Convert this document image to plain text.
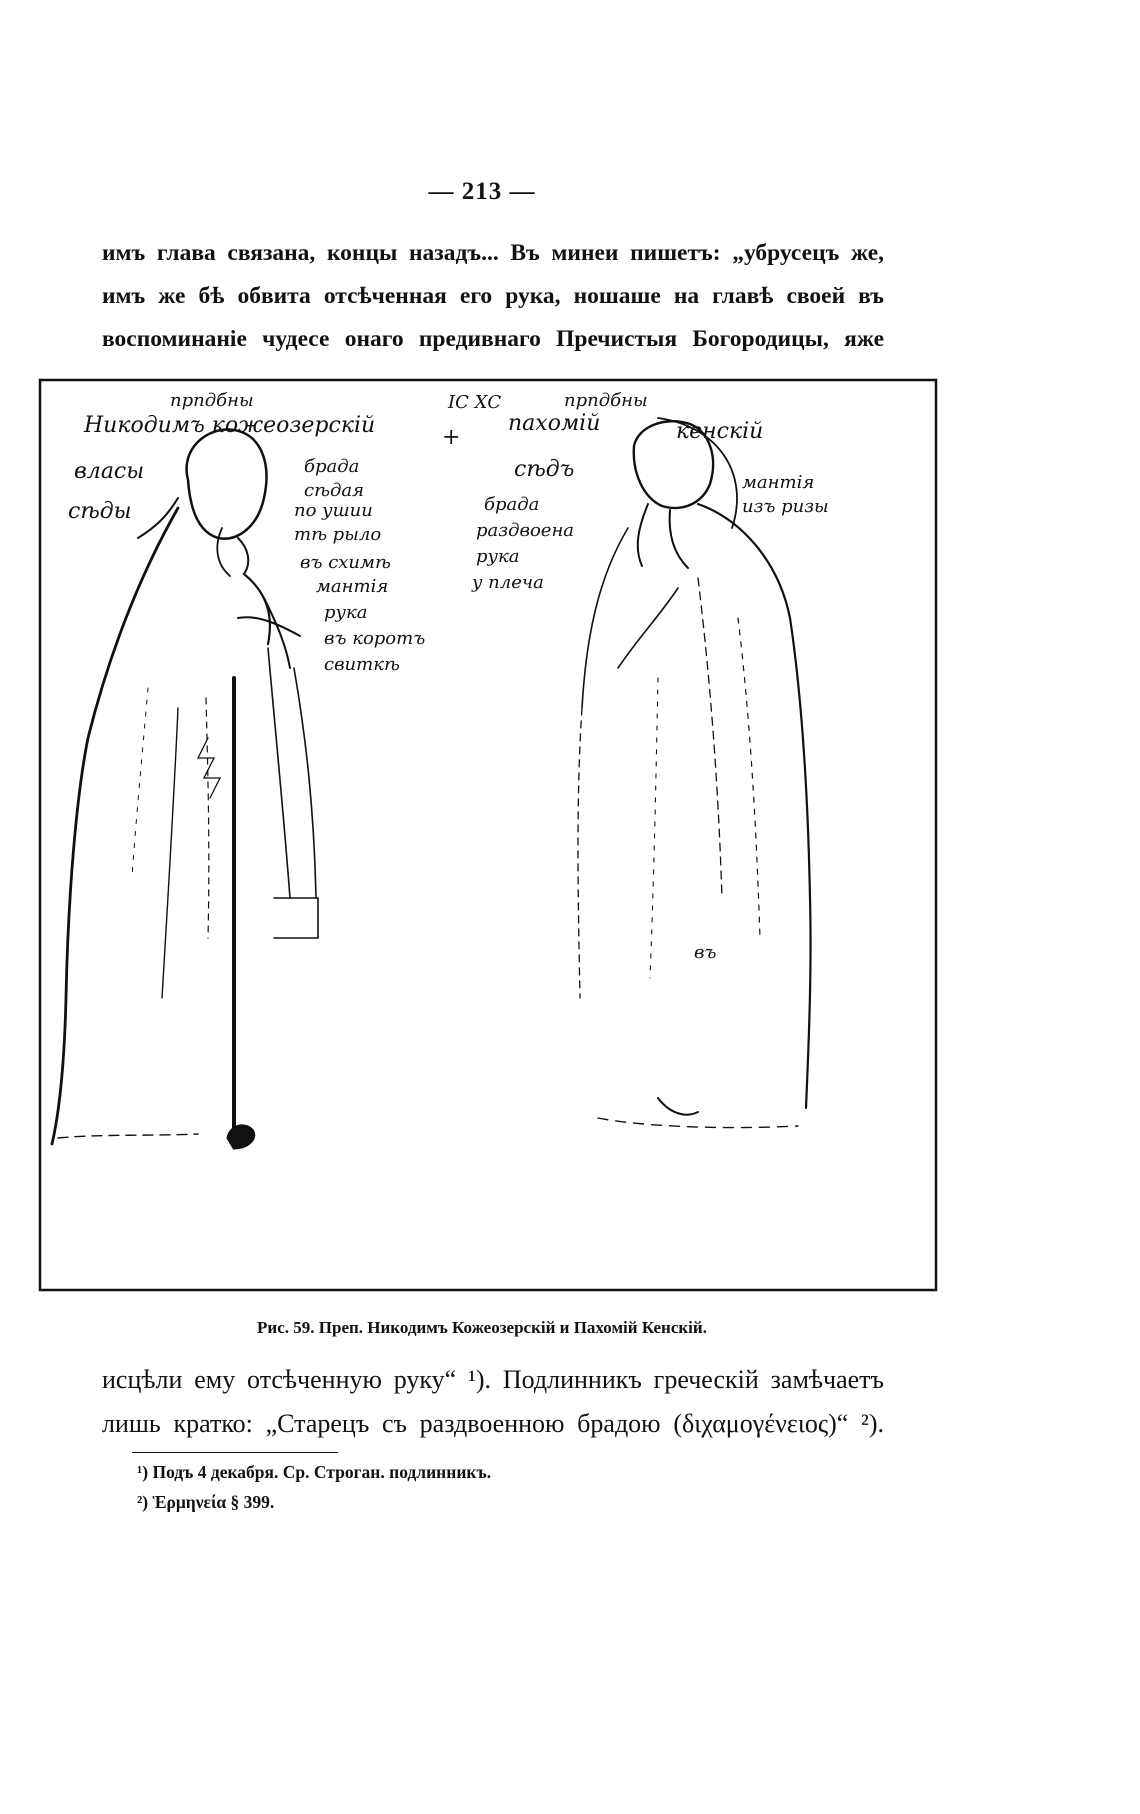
— 213 —
имъ глава связана, концы назадъ... Въ минеи пишетъ: „убрусецъ же,
имъ же бѣ обвита отсѣченная его рука, ношаше на главѣ своей въ
воспоминаніе чудесе онаго предивнаго Пречистыя Богородицы, яже
прпдбны
Никодимъ кожеозерскій
власы
сѣды
брада
сѣдая
по ушии
тѣ рыло
въ схимѣ
мантія
рука
въ коротъ
свиткѣ
+
ІС ХС	прпдбны
пахомій	кенскій
сѣдъ
брада
раздвоена
рука
у плеча
мантія
изъ ризы
въ
Рис. 59. Преп. Никодимъ Кожеозерскій и Пахомій Кенскій.
исцѣли ему отсѣченную руку“ ¹). Подлинникъ греческій замѣчаетъ
лишь кратко: „Старецъ съ раздвоенною брадою (διχαμογένειος)“ ²).
¹) Подъ 4 декабря. Ср. Строган. подлинникъ.
²) Ἑρμηνεία § 399.
